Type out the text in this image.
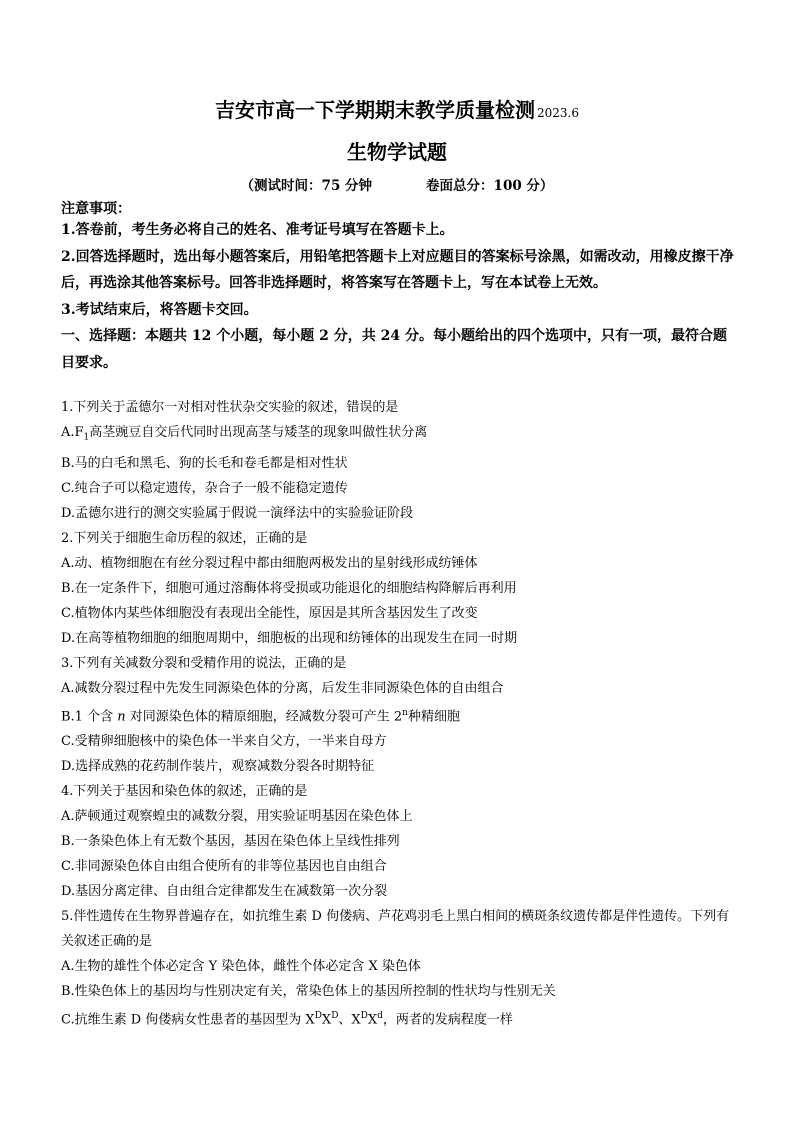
吉安市高一下学期期末教学质量检测 2023.6
生物学试题
（测试时间：75 分钟	卷面总分：100 分）
注意事项：
1.答卷前，考生务必将自己的姓名、准考证号填写在答题卡上。
2.回答选择题时，选出每小题答案后，用铅笔把答题卡上对应题目的答案标号涂黑，如需改动，用橡皮擦干净后，再选涂其他答案标号。回答非选择题时，将答案写在答题卡上，写在本试卷上无效。
3.考试结束后，将答题卡交回。
一、选择题：本题共 12 个小题，每小题 2 分，共 24 分。每小题给出的四个选项中，只有一项，最符合题目要求。
1.下列关于孟德尔一对相对性状杂交实验的叙述，错误的是
$A.F_1$高茎豌豆自交后代同时出现高茎与矮茎的现象叫做性状分离
B.马的白毛和黑毛、狗的长毛和卷毛都是相对性状
C.纯合子可以稳定遗传，杂合子一般不能稳定遗传
D.孟德尔进行的测交实验属于假说一演绎法中的实验验证阶段
2.下列关于细胞生命历程的叙述，正确的是
A.动、植物细胞在有丝分裂过程中都由细胞两极发出的星射线形成纺锤体
B.在一定条件下，细胞可通过溶酶体将受损或功能退化的细胞结构降解后再利用
C.植物体内某些体细胞没有表现出全能性，原因是其所含基因发生了改变
D.在高等植物细胞的细胞周期中，细胞板的出现和纺锤体的出现发生在同一时期
3.下列有关减数分裂和受精作用的说法，正确的是
A.减数分裂过程中先发生同源染色体的分离，后发生非同源染色体的自由组合
B.1 个含 n 对同源染色体的精原细胞，经减数分裂可产生 2$^n$种精细胞
C.受精卵细胞核中的染色体一半来自父方，一半来自母方
D.选择成熟的花药制作装片，观察减数分裂各时期特征
4.下列关于基因和染色体的叙述，正确的是
A.萨顿通过观察蝗虫的减数分裂，用实验证明基因在染色体上
B.一条染色体上有无数个基因，基因在染色体上呈线性排列
C.非同源染色体自由组合使所有的非等位基因也自由组合
D.基因分离定律、自由组合定律都发生在减数第一次分裂
5.伴性遗传在生物界普遍存在，如抗维生素 D 佝偻病、芦花鸡羽毛上黑白相间的横斑条纹遗传都是伴性遗传。下列有关叙述正确的是
A.生物的雄性个体必定含 Y 染色体，雌性个体必定含 X 染色体
B.性染色体上的基因均与性别决定有关，常染色体上的基因所控制的性状均与性别无关
C.抗维生素 D 佝偻病女性患者的基因型为 $X^DX^D$、$X^DX^d$，两者的发病程度一样
